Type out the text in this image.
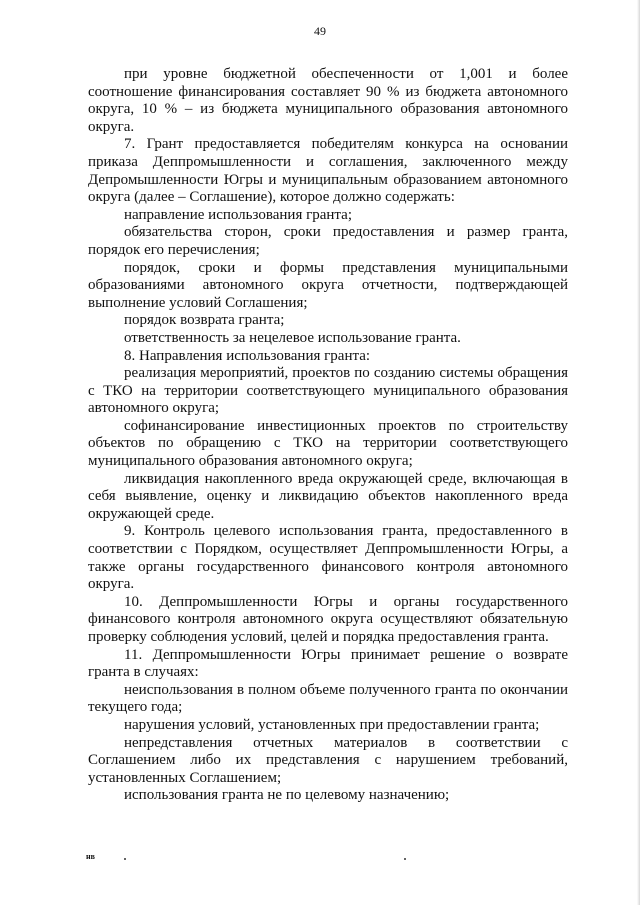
49

при уровне бюджетной обеспеченности от 1,001 и более соотношение финансирования составляет 90 % из бюджета автономного округа, 10 % – из бюджета муниципального образования автономного округа.

7. Грант предоставляется победителям конкурса на основании приказа Деппромышленности и соглашения, заключенного между Депромышленности Югры и муниципальным образованием автономного округа (далее – Соглашение), которое должно содержать:

направление использования гранта;

обязательства сторон, сроки предоставления и размер гранта, порядок его перечисления;

порядок, сроки и формы представления муниципальными образованиями автономного округа отчетности, подтверждающей выполнение условий Соглашения;

порядок возврата гранта;

ответственность за нецелевое использование гранта.

8. Направления использования гранта:

реализация мероприятий, проектов по созданию системы обращения с ТКО на территории соответствующего муниципального образования автономного округа;

софинансирование инвестиционных проектов по строительству объектов по обращению с ТКО на территории соответствующего муниципального образования автономного округа;

ликвидация накопленного вреда окружающей среде, включающая в себя выявление, оценку и ликвидацию объектов накопленного вреда окружающей среде.

9. Контроль целевого использования гранта, предоставленного в соответствии с Порядком, осуществляет Деппромышленности Югры, а также органы государственного финансового контроля автономного округа.

10. Деппромышленности Югры и органы государственного финансового контроля автономного округа осуществляют обязательную проверку соблюдения условий, целей и порядка предоставления гранта.

11. Деппромышленности Югры принимает решение о возврате гранта в случаях:

неиспользования в полном объеме полученного гранта по окончании текущего года;

нарушения условий, установленных при предоставлении гранта;

непредставления отчетных материалов в соответствии с Соглашением либо их представления с нарушением требований, установленных Соглашением;

использования гранта не по целевому назначению;

нв
